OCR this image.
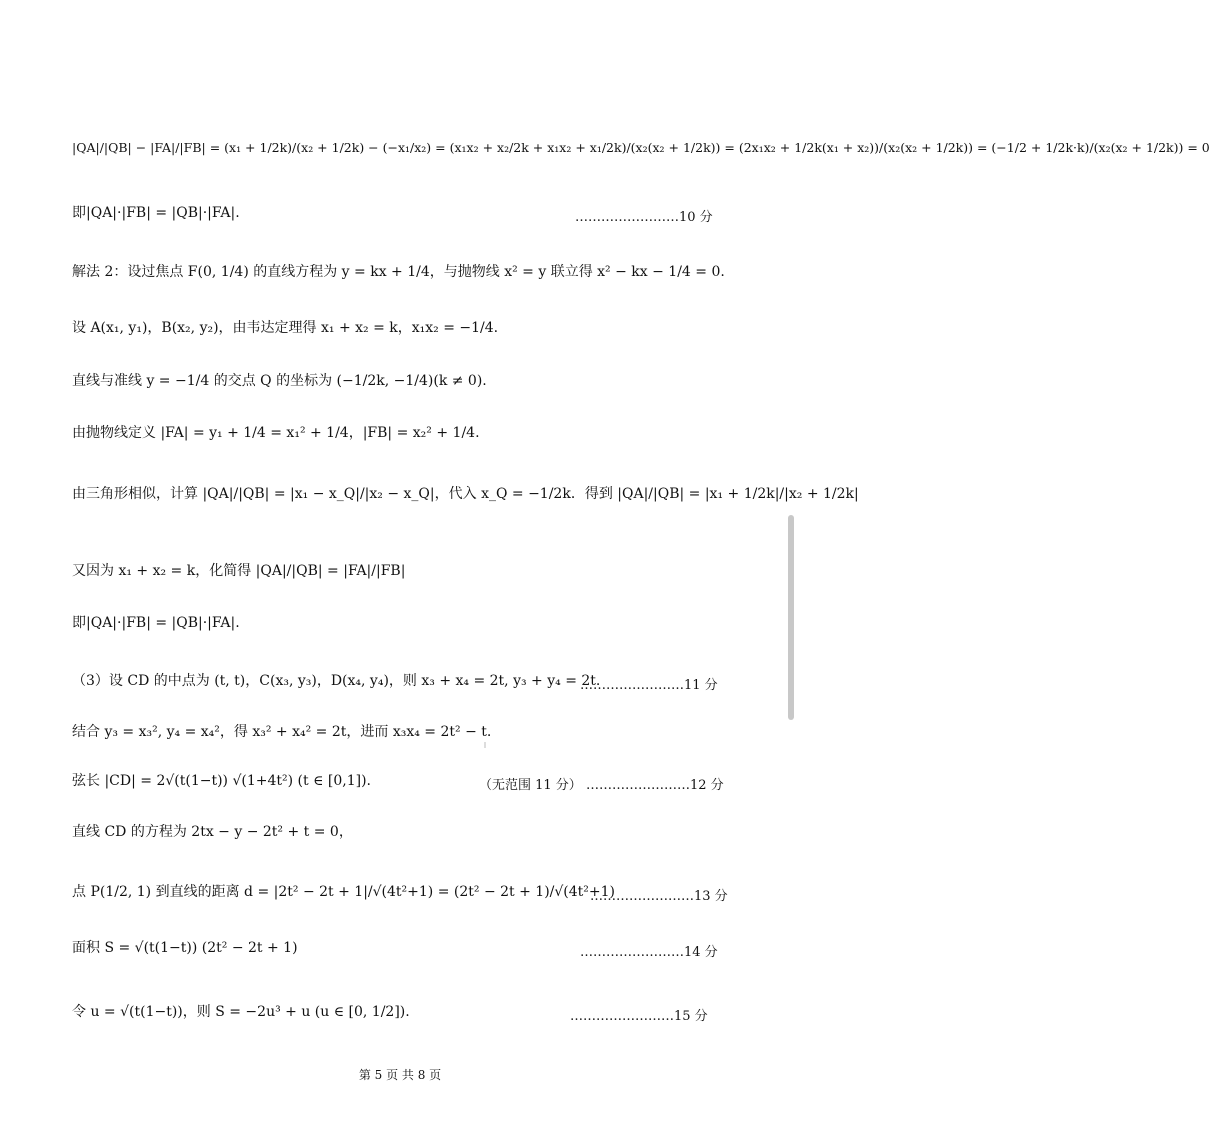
|QA|/|QB| − |FA|/|FB| = (x₁ + 1/2k)/(x₂ + 1/2k) − (−x₁/x₂) = (x₁x₂ + x₂/2k + x₁x₂ + x₁/2k)/(x₂(x₂ + 1/2k)) = (2x₁x₂ + 1/2k(x₁ + x₂))/(x₂(x₂ + 1/2k)) = (−1/2 + 1/2k·k)/(x₂(x₂ + 1/2k)) = 0
即|QA|·|FB| = |QB|·|FA|.	……………………10 分
解法 2：设过焦点 F(0, 1/4) 的直线方程为 y = kx + 1/4，与抛物线 x² = y 联立得 x² − kx − 1/4 = 0.
设 A(x₁, y₁)，B(x₂, y₂)，由韦达定理得 x₁ + x₂ = k，x₁x₂ = −1/4.
直线与准线 y = −1/4 的交点 Q 的坐标为 (−1/2k, −1/4)(k ≠ 0).
由抛物线定义 |FA| = y₁ + 1/4 = x₁² + 1/4，|FB| = x₂² + 1/4.
由三角形相似，计算 |QA|/|QB| = |x₁ − x_Q|/|x₂ − x_Q|，代入 x_Q = −1/2k．得到 |QA|/|QB| = |x₁ + 1/2k|/|x₂ + 1/2k|
又因为 x₁ + x₂ = k，化简得 |QA|/|QB| = |FA|/|FB|
即|QA|·|FB| = |QB|·|FA|.
（3）设 CD 的中点为 (t, t)，C(x₃, y₃)，D(x₄, y₄)，则 x₃ + x₄ = 2t, y₃ + y₄ = 2t.
……………………11 分
结合 y₃ = x₃², y₄ = x₄²，得 x₃² + x₄² = 2t，进而 x₃x₄ = 2t² − t.
弦长 |CD| = 2√(t(1−t)) √(1+4t²) (t ∈ [0,1]).	（无范围 11 分） ……………………12 分
直线 CD 的方程为 2tx − y − 2t² + t = 0，
点 P(1/2, 1) 到直线的距离 d = |2t² − 2t + 1|/√(4t²+1) = (2t² − 2t + 1)/√(4t²+1)
……………………13 分
面积 S = √(t(1−t)) (2t² − 2t + 1)	……………………14 分
令 u = √(t(1−t))，则 S = −2u³ + u (u ∈ [0, 1/2]).	……………………15 分
第 5 页 共 8 页
